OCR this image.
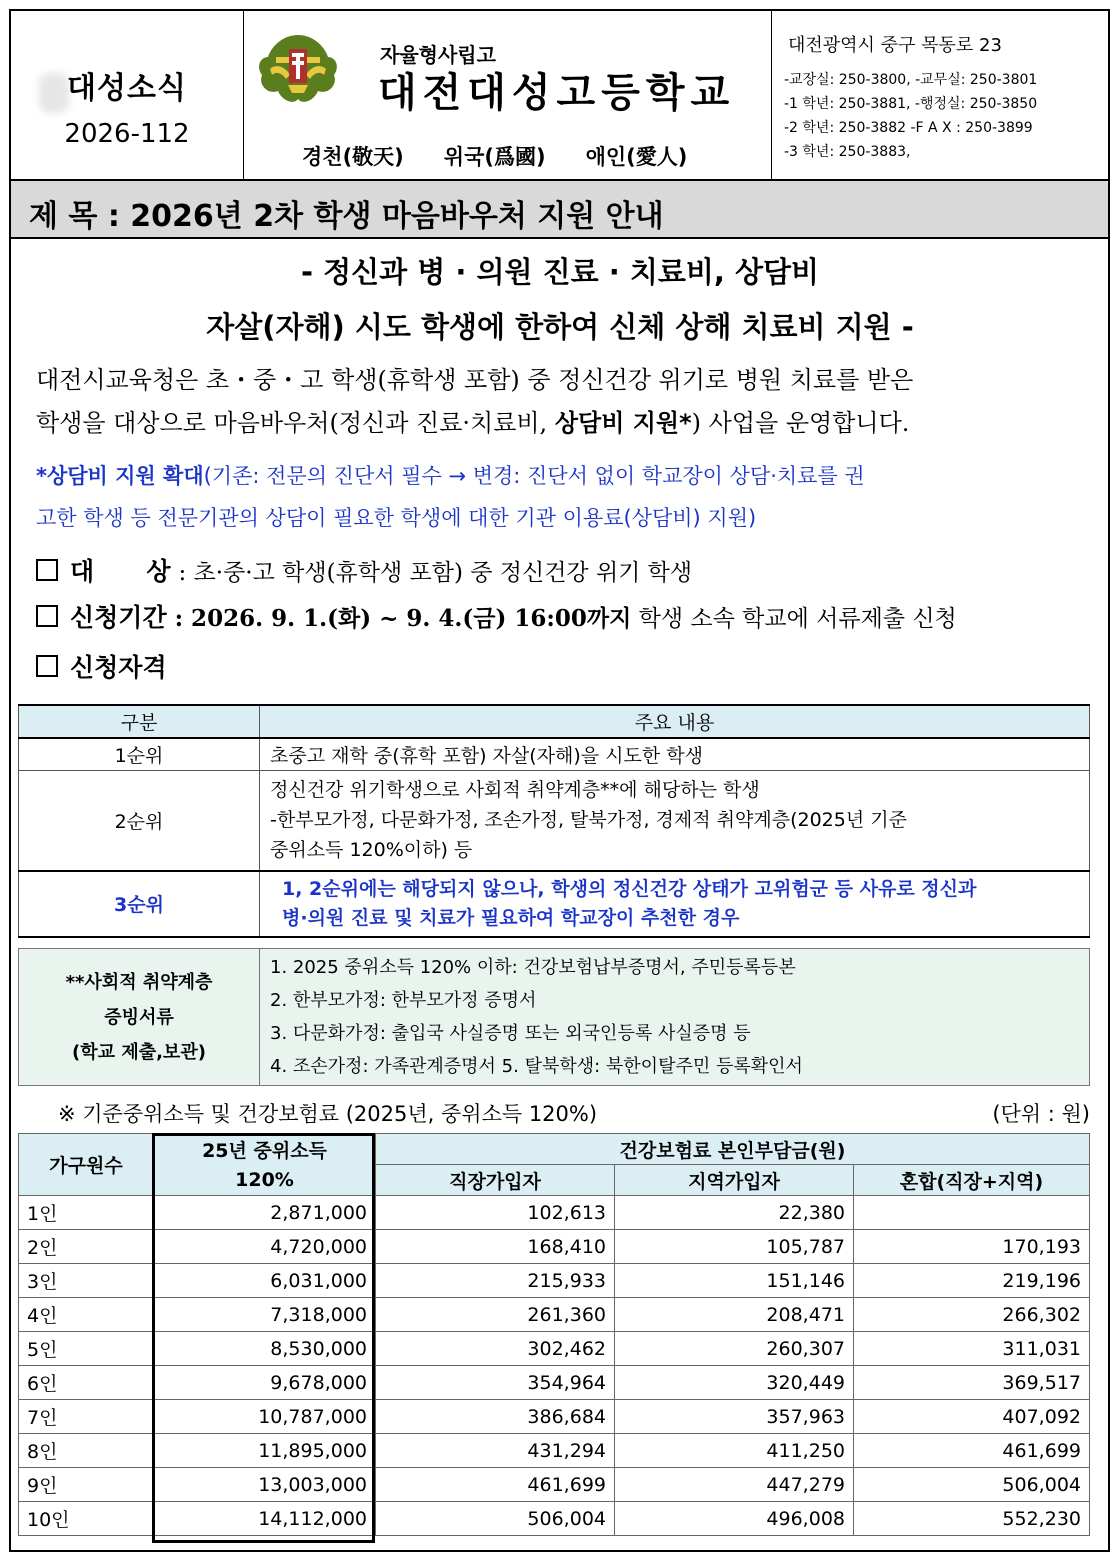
대성소식
2026-112
자율형사립고
대전대성고등학교
경천(敬天) 위국(爲國) 애인(愛人)
대전광역시 중구 목동로 23
-교장실: 250-3800, -교무실: 250-3801
-1 학년: 250-3881, -행정실: 250-3850
-2 학년: 250-3882 -F A X : 250-3899
-3 학년: 250-3883,
제 목 : 2026년 2차 학생 마음바우처 지원 안내
- 정신과 병 · 의원 진료 · 치료비, 상담비
자살(자해) 시도 학생에 한하여 신체 상해 치료비 지원 -
대전시교육청은 초・중・고 학생(휴학생 포함) 중 정신건강 위기로 병원 치료를 받은
학생을 대상으로 마음바우처(정신과 진료·치료비, 상담비 지원*) 사업을 운영합니다.
*상담비 지원 확대(기존: 전문의 진단서 필수 → 변경: 진단서 없이 학교장이 상담·치료를 권
고한 학생 등 전문기관의 상담이 필요한 학생에 대한 기관 이용료(상담비) 지원)
대      상 : 초·중·고 학생(휴학생 포함) 중 정신건강 위기 학생
신청기간 : 2026. 9. 1.(화) ~ 9. 4.(금) 16:00까지 학생 소속 학교에 서류제출 신청
신청자격
구분	주요 내용
1순위	초중고 재학 중(휴학 포함) 자살(자해)을 시도한 학생

2순위	정신건강 위기학생으로 사회적 취약계층**에 해당하는 학생
-한부모가정, 다문화가정, 조손가정, 탈북가정, 경제적 취약계층(2025년 기준
중위소득 120%이하) 등

3순위	1, 2순위에는 해당되지 않으나, 학생의 정신건강 상태가 고위험군 등 사유로 정신과
병·의원 진료 및 치료가 필요하여 학교장이 추천한 경우
**사회적 취약계층
증빙서류
(학교 제출,보관)

1. 2025 중위소득 120% 이하: 건강보험납부증명서, 주민등록등본
2. 한부모가정: 한부모가정 증명서
3. 다문화가정: 출입국 사실증명 또는 외국인등록 사실증명 등
4. 조손가정: 가족관계증명서 5. 탈북학생: 북한이탈주민 등록확인서
※ 기준중위소득 및 건강보험료 (2025년, 중위소득 120%)	(단위 : 원)
가구원수	25년 중위소득	건강보험료 본인부담금(원)		
	120%	직장가입자	지역가입자	혼합(직장+지역)
1인	2,871,000	102,613	22,380	
2인	4,720,000	168,410	105,787	170,193
3인	6,031,000	215,933	151,146	219,196
4인	7,318,000	261,360	208,471	266,302
5인	8,530,000	302,462	260,307	311,031
6인	9,678,000	354,964	320,449	369,517
7인	10,787,000	386,684	357,963	407,092
8인	11,895,000	431,294	411,250	461,699
9인	13,003,000	461,699	447,279	506,004
10인	14,112,000	506,004	496,008	552,230
